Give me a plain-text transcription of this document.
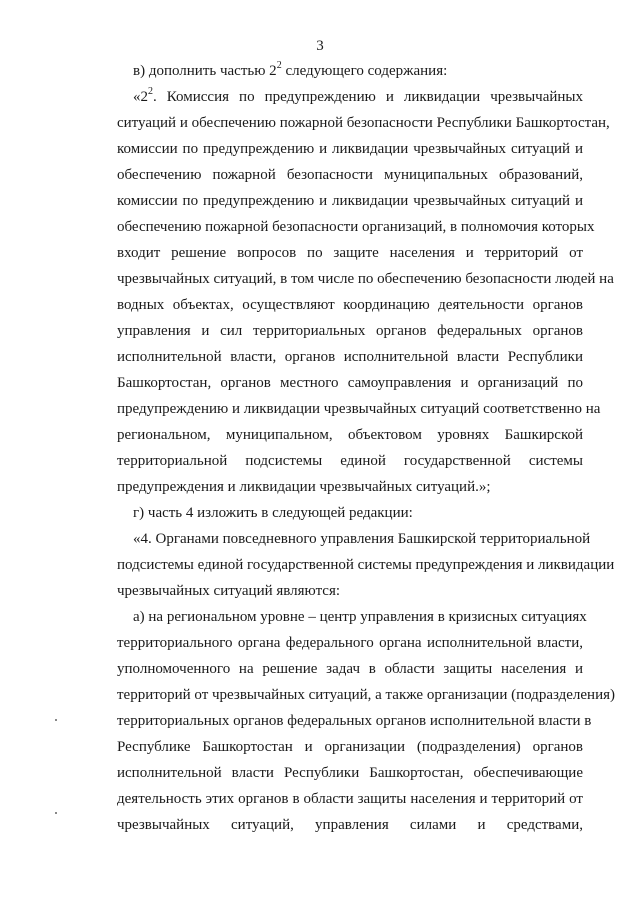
3
в) дополнить частью $2^2$ следующего содержания:
«$2^2$. Комиссия по предупреждению и ликвидации чрезвычайных
ситуаций и обеспечению пожарной безопасности Республики Башкортостан,
комиссии по предупреждению и ликвидации чрезвычайных ситуаций и
обеспечению пожарной безопасности муниципальных образований,
комиссии по предупреждению и ликвидации чрезвычайных ситуаций и
обеспечению пожарной безопасности организаций, в полномочия которых
входит решение вопросов по защите населения и территорий от
чрезвычайных ситуаций, в том числе по обеспечению безопасности людей на
водных объектах, осуществляют координацию деятельности органов
управления и сил территориальных органов федеральных органов
исполнительной власти, органов исполнительной власти Республики
Башкортостан, органов местного самоуправления и организаций по
предупреждению и ликвидации чрезвычайных ситуаций соответственно на
региональном, муниципальном, объектовом уровнях Башкирской
территориальной подсистемы единой государственной системы
предупреждения и ликвидации чрезвычайных ситуаций.»;
г) часть 4 изложить в следующей редакции:
«4. Органами повседневного управления Башкирской территориальной
подсистемы единой государственной системы предупреждения и ликвидации
чрезвычайных ситуаций являются:
а) на региональном уровне – центр управления в кризисных ситуациях
территориального органа федерального органа исполнительной власти,
уполномоченного на решение задач в области защиты населения и
территорий от чрезвычайных ситуаций, а также организации (подразделения)
территориальных органов федеральных органов исполнительной власти в
Республике Башкортостан и организации (подразделения) органов
исполнительной власти Республики Башкортостан, обеспечивающие
деятельность этих органов в области защиты населения и территорий от
чрезвычайных ситуаций, управления силами и средствами,
